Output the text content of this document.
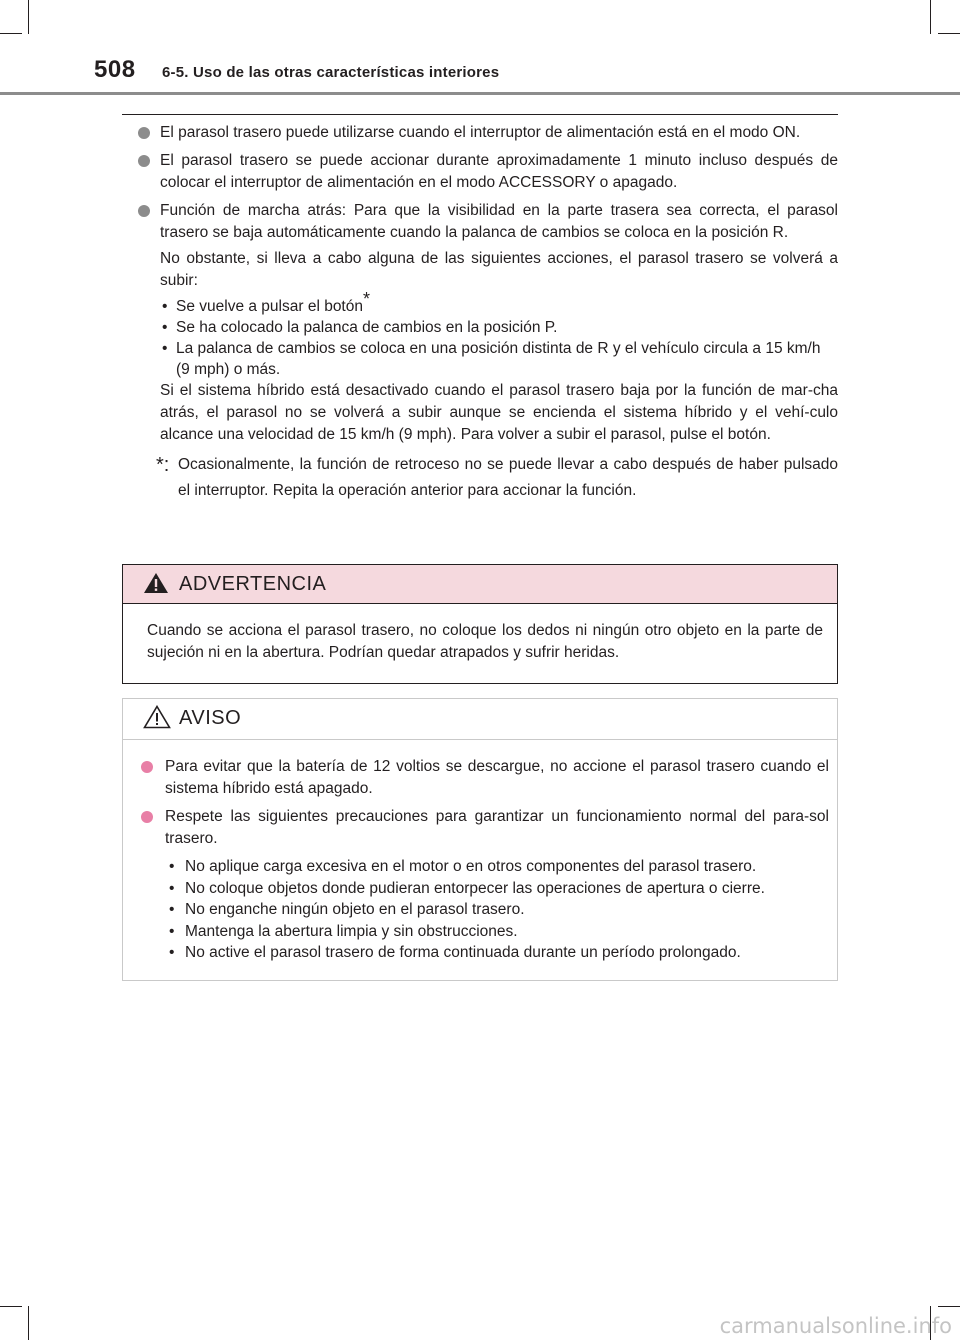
508 6-5. Uso de las otras características interiores
El parasol trasero puede utilizarse cuando el interruptor de alimentación está en el modo ON.
El parasol trasero se puede accionar durante aproximadamente 1 minuto incluso después de colocar el interruptor de alimentación en el modo ACCESSORY o apagado.
Función de marcha atrás: Para que la visibilidad en la parte trasera sea correcta, el parasol trasero se baja automáticamente cuando la palanca de cambios se coloca en la posición R.
No obstante, si lleva a cabo alguna de las siguientes acciones, el parasol trasero se volverá a subir:
• Se vuelve a pulsar el botón*
• Se ha colocado la palanca de cambios en la posición P.
• La palanca de cambios se coloca en una posición distinta de R y el vehículo circula a 15 km/h (9 mph) o más.
Si el sistema híbrido está desactivado cuando el parasol trasero baja por la función de mar-cha atrás, el parasol no se volverá a subir aunque se encienda el sistema híbrido y el vehí-culo alcance una velocidad de 15 km/h (9 mph). Para volver a subir el parasol, pulse el botón.
*: Ocasionalmente, la función de retroceso no se puede llevar a cabo después de haber pulsado el interruptor. Repita la operación anterior para accionar la función.
ADVERTENCIA
Cuando se acciona el parasol trasero, no coloque los dedos ni ningún otro objeto en la parte de sujeción ni en la abertura. Podrían quedar atrapados y sufrir heridas.
AVISO
Para evitar que la batería de 12 voltios se descargue, no accione el parasol trasero cuando el sistema híbrido está apagado.
Respete las siguientes precauciones para garantizar un funcionamiento normal del para-sol trasero.
• No aplique carga excesiva en el motor o en otros componentes del parasol trasero.
• No coloque objetos donde pudieran entorpecer las operaciones de apertura o cierre.
• No enganche ningún objeto en el parasol trasero.
• Mantenga la abertura limpia y sin obstrucciones.
• No active el parasol trasero de forma continuada durante un período prolongado.
carmanualsonline.info
